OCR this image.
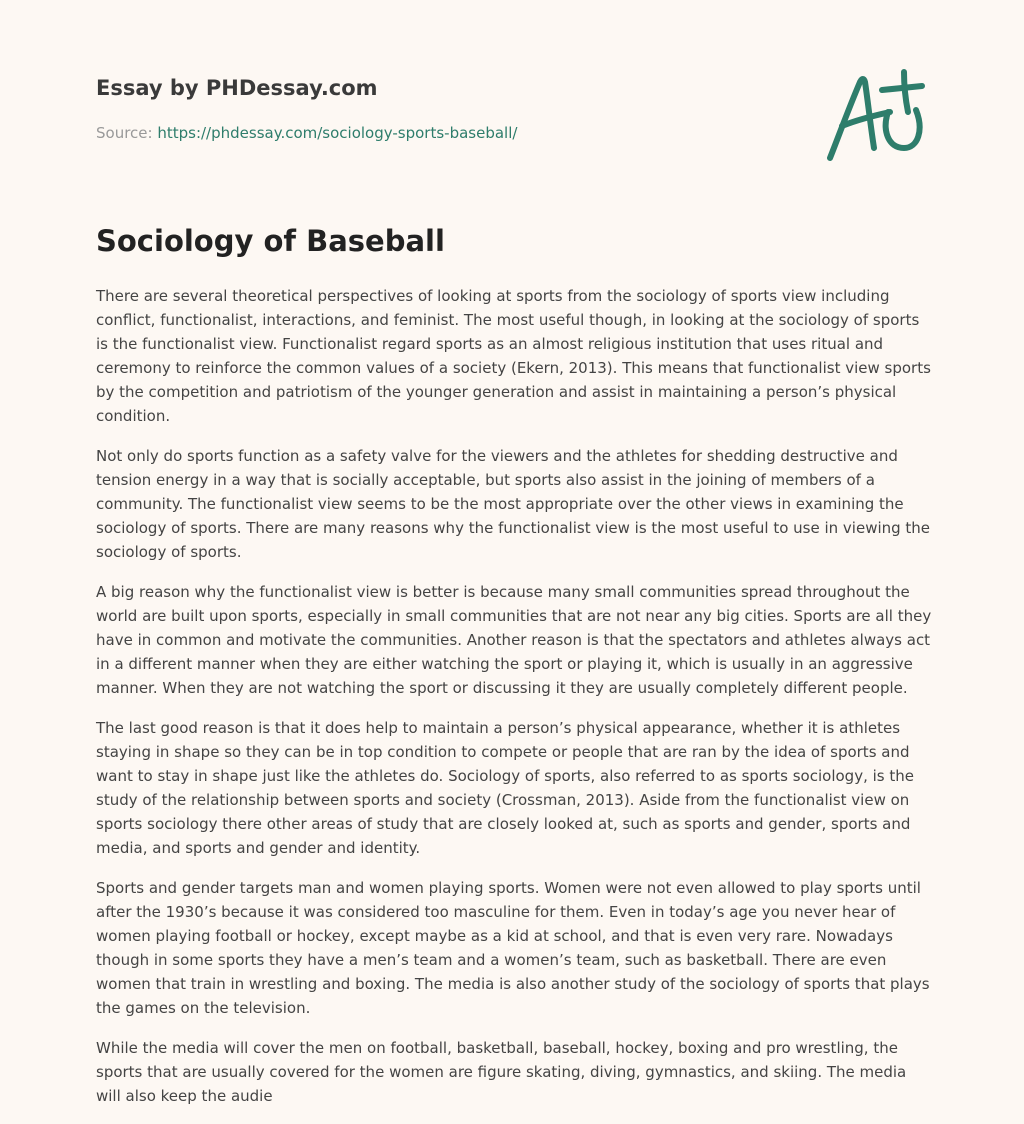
Essay by PHDessay.com
Source: https://phdessay.com/sociology-sports-baseball/
Sociology of Baseball

There are several theoretical perspectives of looking at sports from the sociology of sports view including conflict, functionalist, interactions, and feminist. The most useful though, in looking at the sociology of sports is the functionalist view. Functionalist regard sports as an almost religious institution that uses ritual and ceremony to reinforce the common values of a society (Ekern, 2013). This means that functionalist view sports by the competition and patriotism of the younger generation and assist in maintaining a person’s physical condition.

Not only do sports function as a safety valve for the viewers and the athletes for shedding destructive and tension energy in a way that is socially acceptable, but sports also assist in the joining of members of a community. The functionalist view seems to be the most appropriate over the other views in examining the sociology of sports. There are many reasons why the functionalist view is the most useful to use in viewing the sociology of sports.

A big reason why the functionalist view is better is because many small communities spread throughout the world are built upon sports, especially in small communities that are not near any big cities. Sports are all they have in common and motivate the communities. Another reason is that the spectators and athletes always act in a different manner when they are either watching the sport or playing it, which is usually in an aggressive manner. When they are not watching the sport or discussing it they are usually completely different people.

The last good reason is that it does help to maintain a person’s physical appearance, whether it is athletes staying in shape so they can be in top condition to compete or people that are ran by the idea of sports and want to stay in shape just like the athletes do. Sociology of sports, also referred to as sports sociology, is the study of the relationship between sports and society (Crossman, 2013). Aside from the functionalist view on sports sociology there other areas of study that are closely looked at, such as sports and gender, sports and media, and sports and gender and identity.

Sports and gender targets man and women playing sports. Women were not even allowed to play sports until after the 1930’s because it was considered too masculine for them. Even in today’s age you never hear of women playing football or hockey, except maybe as a kid at school, and that is even very rare. Nowadays though in some sports they have a men’s team and a women’s team, such as basketball. There are even women that train in wrestling and boxing. The media is also another study of the sociology of sports that plays the games on the television.

While the media will cover the men on football, basketball, baseball, hockey, boxing and pro wrestling, the sports that are usually covered for the women are figure skating, diving, gymnastics, and skiing. The media will also keep the audie
